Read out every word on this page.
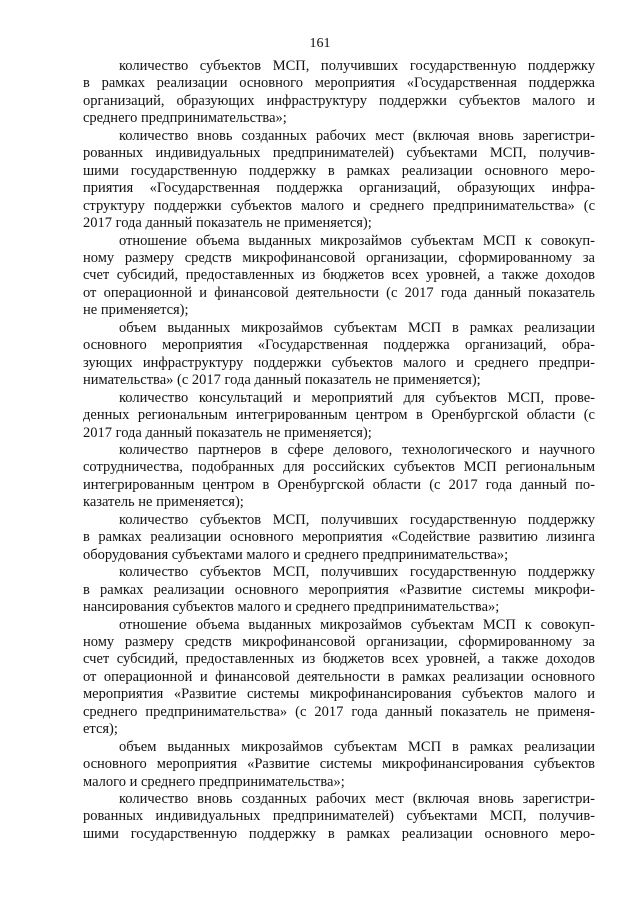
161
количество субъектов МСП, получивших государственную поддержку
в рамках реализации основного мероприятия «Государственная поддержка
организаций, образующих инфраструктуру поддержки субъектов малого и
среднего предпринимательства»;
количество вновь созданных рабочих мест (включая вновь зарегистри-
рованных индивидуальных предпринимателей) субъектами МСП, получив-
шими государственную поддержку в рамках реализации основного меро-
приятия «Государственная поддержка организаций, образующих инфра-
структуру поддержки субъектов малого и среднего предпринимательства» (с
2017 года данный показатель не применяется);
отношение объема выданных микрозаймов субъектам МСП к совокуп-
ному размеру средств микрофинансовой организации, сформированному за
счет субсидий, предоставленных из бюджетов всех уровней, а также доходов
от операционной и финансовой деятельности (с 2017 года данный показатель
не применяется);
объем выданных микрозаймов субъектам МСП в рамках реализации
основного мероприятия «Государственная поддержка организаций, обра-
зующих инфраструктуру поддержки субъектов малого и среднего предпри-
нимательства» (с 2017 года данный показатель не применяется);
количество консультаций и мероприятий для субъектов МСП, прове-
денных региональным интегрированным центром в Оренбургской области (с
2017 года данный показатель не применяется);
количество партнеров в сфере делового, технологического и научного
сотрудничества, подобранных для российских субъектов МСП региональным
интегрированным центром в Оренбургской области (с 2017 года данный по-
казатель не применяется);
количество субъектов МСП, получивших государственную поддержку
в рамках реализации основного мероприятия «Содействие развитию лизинга
оборудования субъектами малого и среднего предпринимательства»;
количество субъектов МСП, получивших государственную поддержку
в рамках реализации основного мероприятия «Развитие системы микрофи-
нансирования субъектов малого и среднего предпринимательства»;
отношение объема выданных микрозаймов субъектам МСП к совокуп-
ному размеру средств микрофинансовой организации, сформированному за
счет субсидий, предоставленных из бюджетов всех уровней, а также доходов
от операционной и финансовой деятельности в рамках реализации основного
мероприятия «Развитие системы микрофинансирования субъектов малого и
среднего предпринимательства» (с 2017 года данный показатель не применя-
ется);
объем выданных микрозаймов субъектам МСП в рамках реализации
основного мероприятия «Развитие системы микрофинансирования субъектов
малого и среднего предпринимательства»;
количество вновь созданных рабочих мест (включая вновь зарегистри-
рованных индивидуальных предпринимателей) субъектами МСП, получив-
шими государственную поддержку в рамках реализации основного меро-
